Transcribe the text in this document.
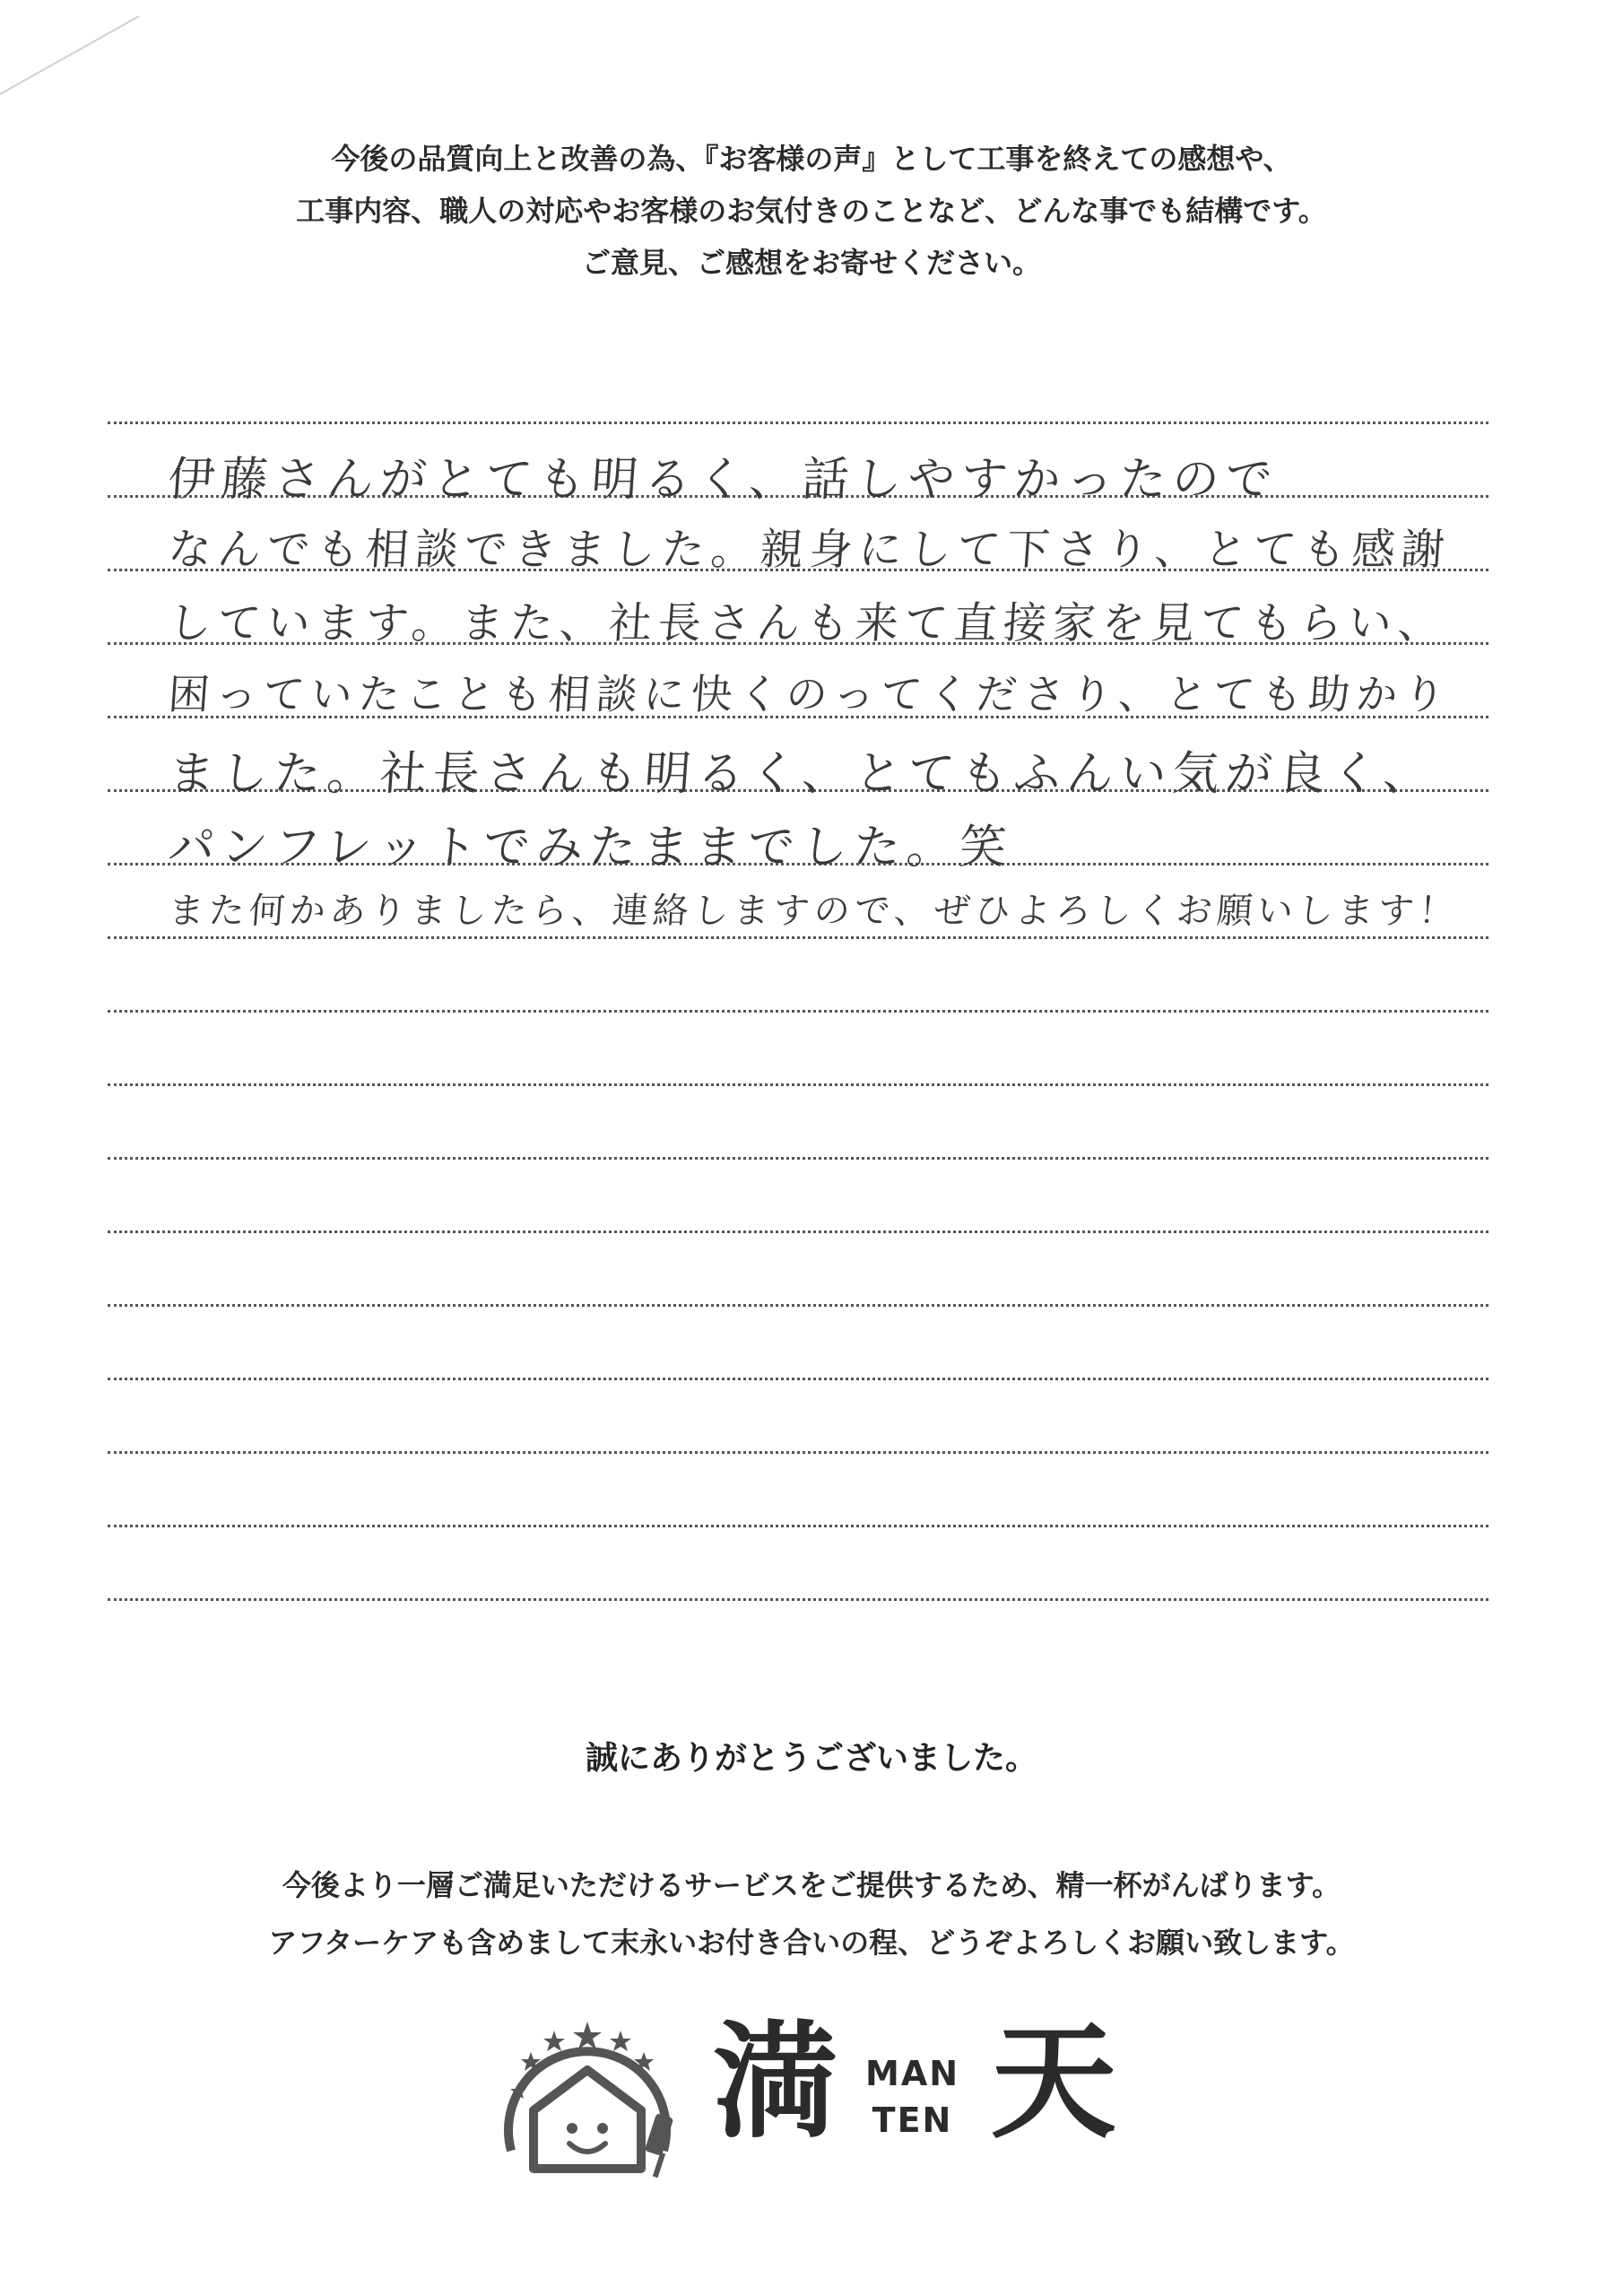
今後の品質向上と改善の為、『お客様の声』として工事を終えての感想や、
工事内容、職人の対応やお客様のお気付きのことなど、どんな事でも結構です。
ご意見、ご感想をお寄せください。
伊藤さんがとても明るく、話しやすかったので
なんでも相談できました。親身にして下さり、とても感謝
しています。また、社長さんも来て直接家を見てもらい、
困っていたことも相談に快くのってくださり、とても助かり
ました。社長さんも明るく、とてもふんい気が良く、
パンフレットでみたままでした。笑
また何かありましたら、連絡しますので、ぜひよろしくお願いします！
誠にありがとうございました。
今後より一層ご満足いただけるサービスをご提供するため、精一杯がんばります。
アフターケアも含めまして末永いお付き合いの程、どうぞよろしくお願い致します。
満 MAN
TEN 天
